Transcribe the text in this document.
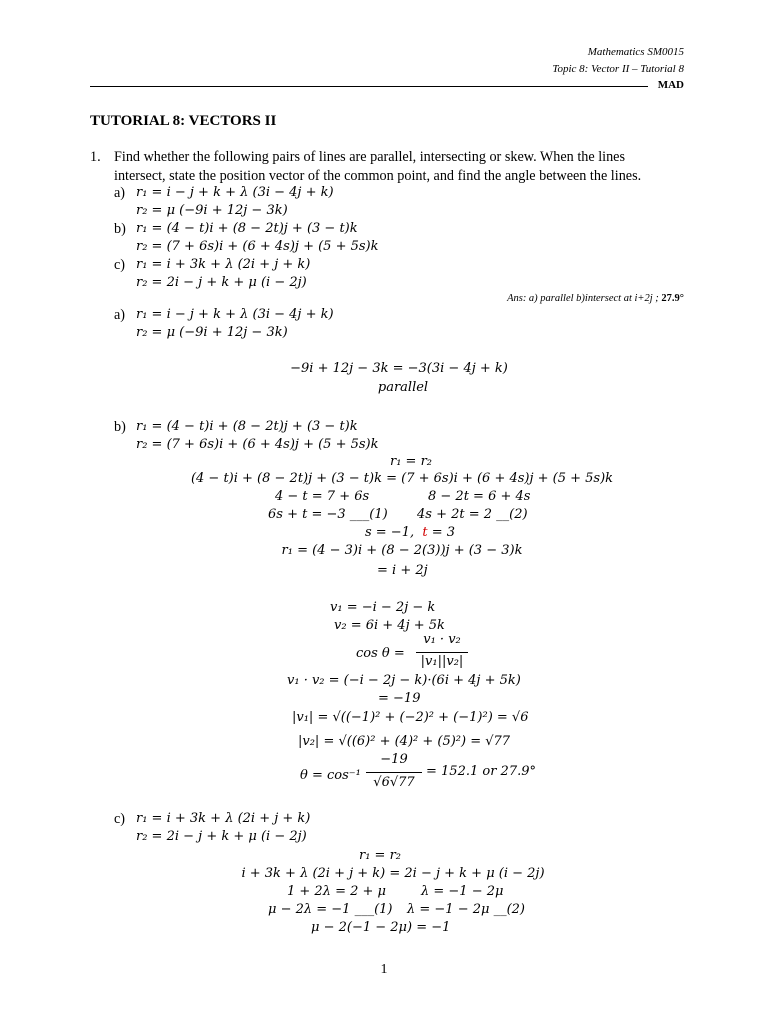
Mathematics SM0015
Topic 8: Vector II – Tutorial 8
MAD
TUTORIAL 8: VECTORS II
1. Find whether the following pairs of lines are parallel, intersecting or skew. When the lines
intersect, state the position vector of the common point, and find the angle between the lines.
a) r₁ = i − j + k + λ (3i − 4j + k)
r₂ = μ (−9i + 12j − 3k)
b) r₁ = (4 − t)i + (8 − 2t)j + (3 − t)k
r₂ = (7 + 6s)i + (6 + 4s)j + (5 + 5s)k
c) r₁ = i + 3k + λ (2i + j + k)
r₂ = 2i − j + k + μ (i − 2j)
Ans: a) parallel b)intersect at i+2j ; 27.9°
a) r₁ = i − j + k + λ (3i − 4j + k)
r₂ = μ (−9i + 12j − 3k)
−9i + 12j − 3k = −3(3i − 4j + k)
parallel
b) r₁ = (4 − t)i + (8 − 2t)j + (3 − t)k
r₂ = (7 + 6s)i + (6 + 4s)j + (5 + 5s)k
r₁ = r₂
(4 − t)i + (8 − 2t)j + (3 − t)k = (7 + 6s)i + (6 + 4s)j + (5 + 5s)k
4 − t = 7 + 6s	8 − 2t = 6 + 4s
6s + t = −3 ___(1) 4s + 2t = 2 __(2)
s = −1, t = 3
r₁ = (4 − 3)i + (8 − 2(3))j + (3 − 3)k
= i + 2j
v₁ = −i − 2j − k
v₂ = 6i + 4j + 5k
cos θ =
v₁ · v₂
|v₁||v₂|
v₁ · v₂ = (−i − 2j − k)·(6i + 4j + 5k)
= −19
|v₁| = √((−1)² + (−2)² + (−1)²) = √6
|v₂| = √((6)² + (4)² + (5)²) = √77
θ = cos⁻¹
−19
√6√77
= 152.1 or 27.9°
c) r₁ = i + 3k + λ (2i + j + k)
r₂ = 2i − j + k + μ (i − 2j)
r₁ = r₂
i + 3k + λ (2i + j + k) = 2i − j + k + μ (i − 2j)
1 + 2λ = 2 + μ	λ = −1 − 2μ
μ − 2λ = −1 ___(1) λ = −1 − 2μ __(2)
μ − 2(−1 − 2μ) = −1
1
